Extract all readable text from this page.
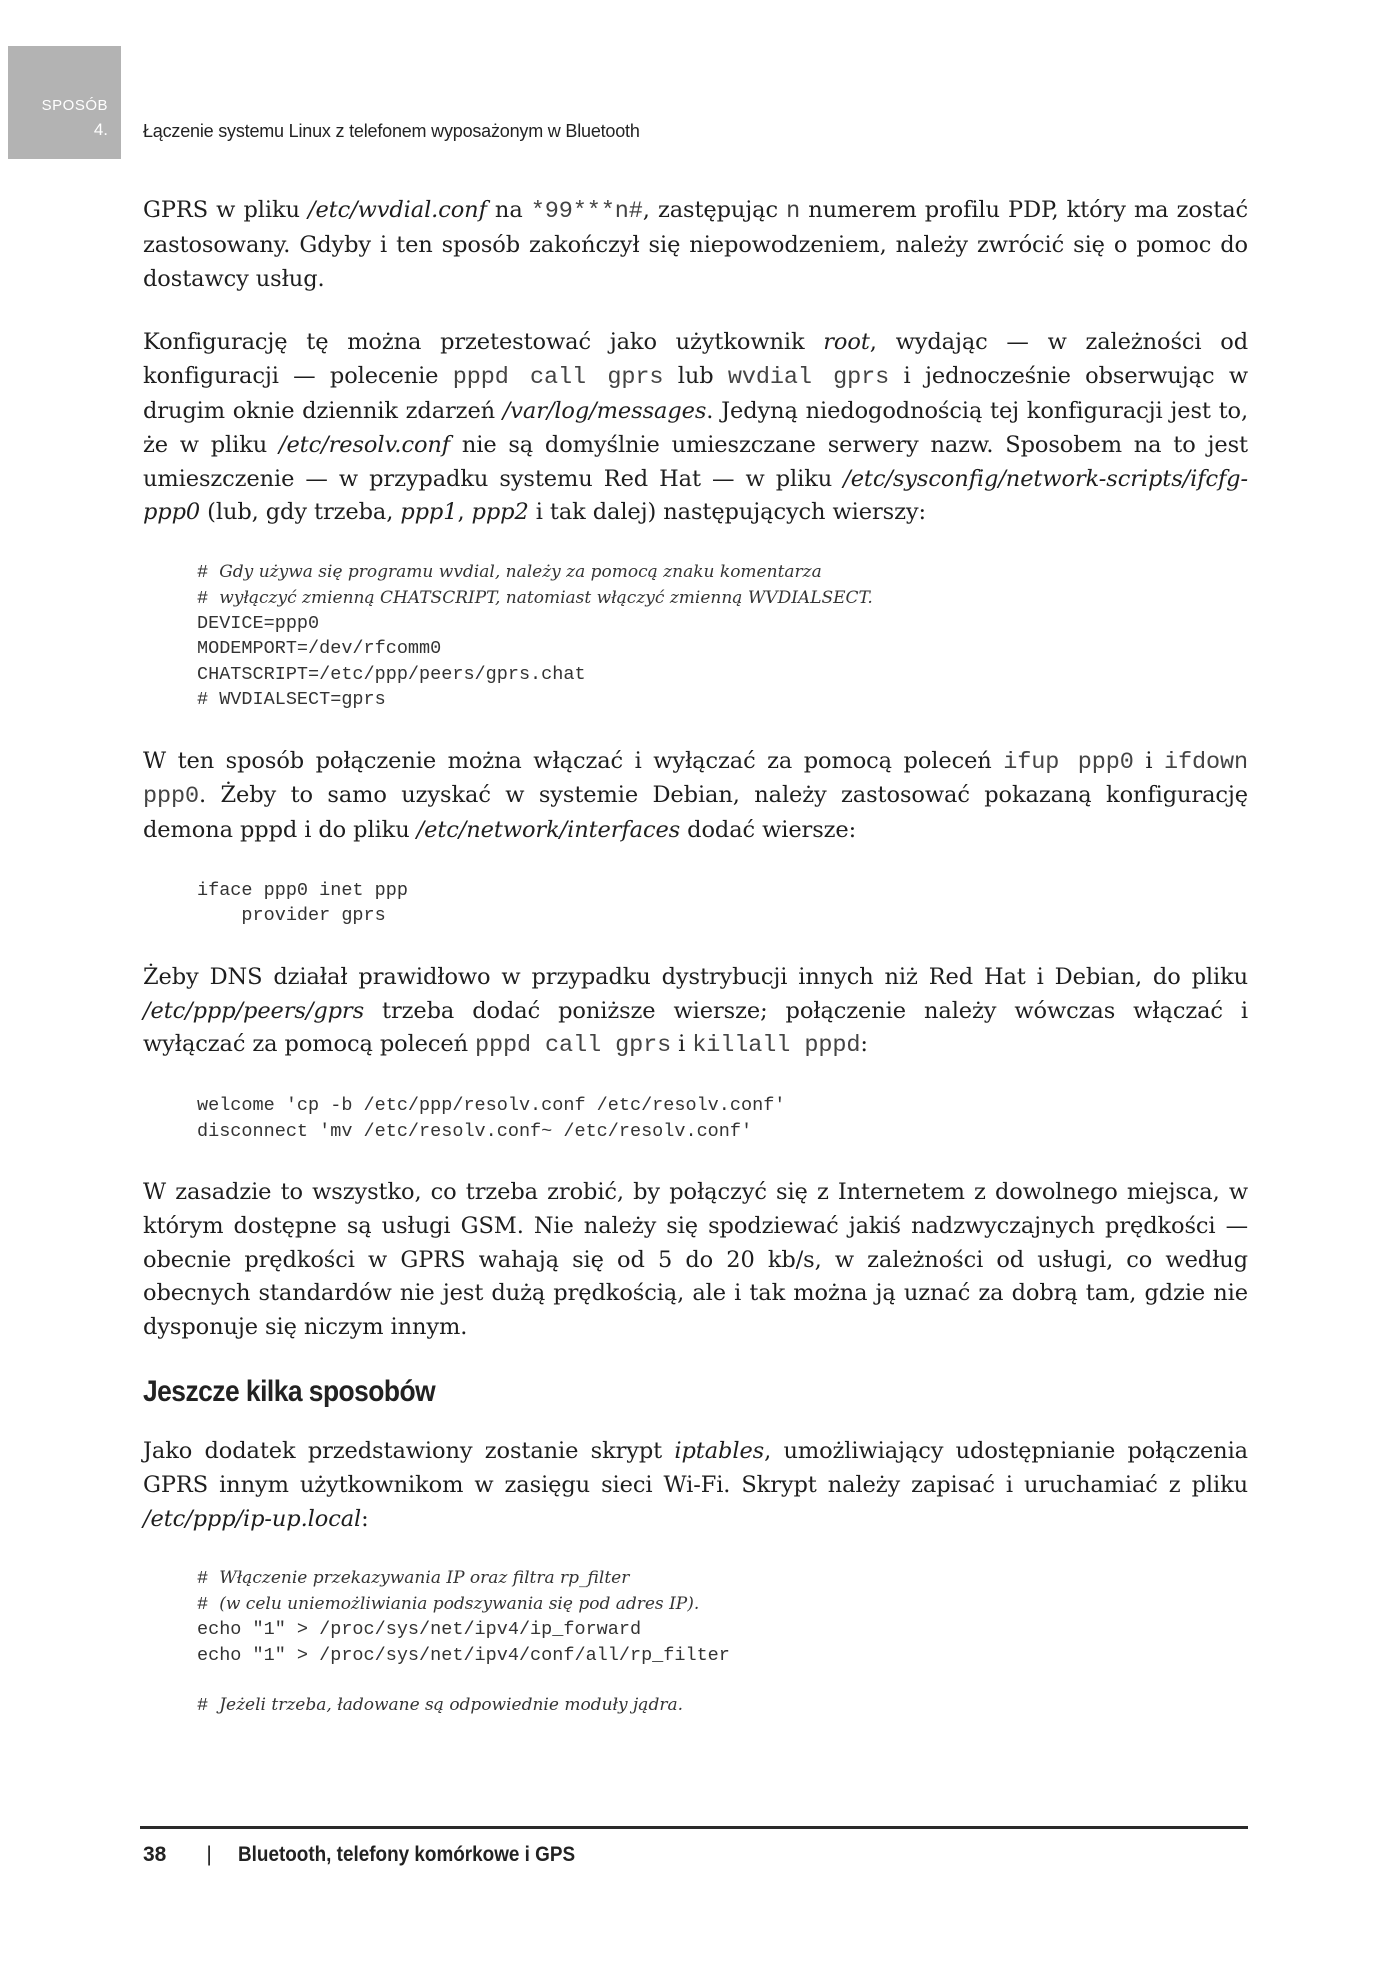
SPOSÓB
4. Łączenie systemu Linux z telefonem wyposażonym w Bluetooth

GPRS w pliku /etc/wvdial.conf na *99***n#, zastępując n numerem profilu PDP, który ma zostać zastosowany. Gdyby i ten sposób zakończył się niepowodzeniem, należy zwrócić się o pomoc do dostawcy usług.

Konfigurację tę można przetestować jako użytkownik root, wydając — w zależności od konfiguracji — polecenie pppd call gprs lub wvdial gprs i jednocześnie obserwując w drugim oknie dziennik zdarzeń /var/log/messages. Jedyną niedogodnością tej konfiguracji jest to, że w pliku /etc/resolv.conf nie są domyślnie umieszczane serwery nazw. Sposobem na to jest umieszczenie — w przypadku systemu Red Hat — w pliku /etc/sysconfig/network-scripts/ifcfg-ppp0 (lub, gdy trzeba, ppp1, ppp2 i tak dalej) następujących wierszy:

# Gdy używa się programu wvdial, należy za pomocą znaku komentarza
# wyłączyć zmienną CHATSCRIPT, natomiast włączyć zmienną WVDIALSECT.
DEVICE=ppp0
MODEMPORT=/dev/rfcomm0
CHATSCRIPT=/etc/ppp/peers/gprs.chat
# WVDIALSECT=gprs

W ten sposób połączenie można włączać i wyłączać za pomocą poleceń ifup ppp0 i ifdown ppp0. Żeby to samo uzyskać w systemie Debian, należy zastosować pokazaną konfigurację demona pppd i do pliku /etc/network/interfaces dodać wiersze:

iface ppp0 inet ppp
provider gprs

Żeby DNS działał prawidłowo w przypadku dystrybucji innych niż Red Hat i Debian, do pliku /etc/ppp/peers/gprs trzeba dodać poniższe wiersze; połączenie należy wówczas włączać i wyłączać za pomocą poleceń pppd call gprs i killall pppd:

welcome 'cp -b /etc/ppp/resolv.conf /etc/resolv.conf'
disconnect 'mv /etc/resolv.conf~ /etc/resolv.conf'

W zasadzie to wszystko, co trzeba zrobić, by połączyć się z Internetem z dowolnego miejsca, w którym dostępne są usługi GSM. Nie należy się spodziewać jakiś nadzwyczajnych prędkości — obecnie prędkości w GPRS wahają się od 5 do 20 kb/s, w zależności od usługi, co według obecnych standardów nie jest dużą prędkością, ale i tak można ją uznać za dobrą tam, gdzie nie dysponuje się niczym innym.

Jeszcze kilka sposobów

Jako dodatek przedstawiony zostanie skrypt iptables, umożliwiający udostępnianie połączenia GPRS innym użytkownikom w zasięgu sieci Wi-Fi. Skrypt należy zapisać i uruchamiać z pliku /etc/ppp/ip-up.local:

# Włączenie przekazywania IP oraz filtra rp_filter
# (w celu uniemożliwiania podszywania się pod adres IP).
echo "1" > /proc/sys/net/ipv4/ip_forward
echo "1" > /proc/sys/net/ipv4/conf/all/rp_filter

# Jeżeli trzeba, ładowane są odpowiednie moduły jądra.
38 | Bluetooth, telefony komórkowe i GPS
